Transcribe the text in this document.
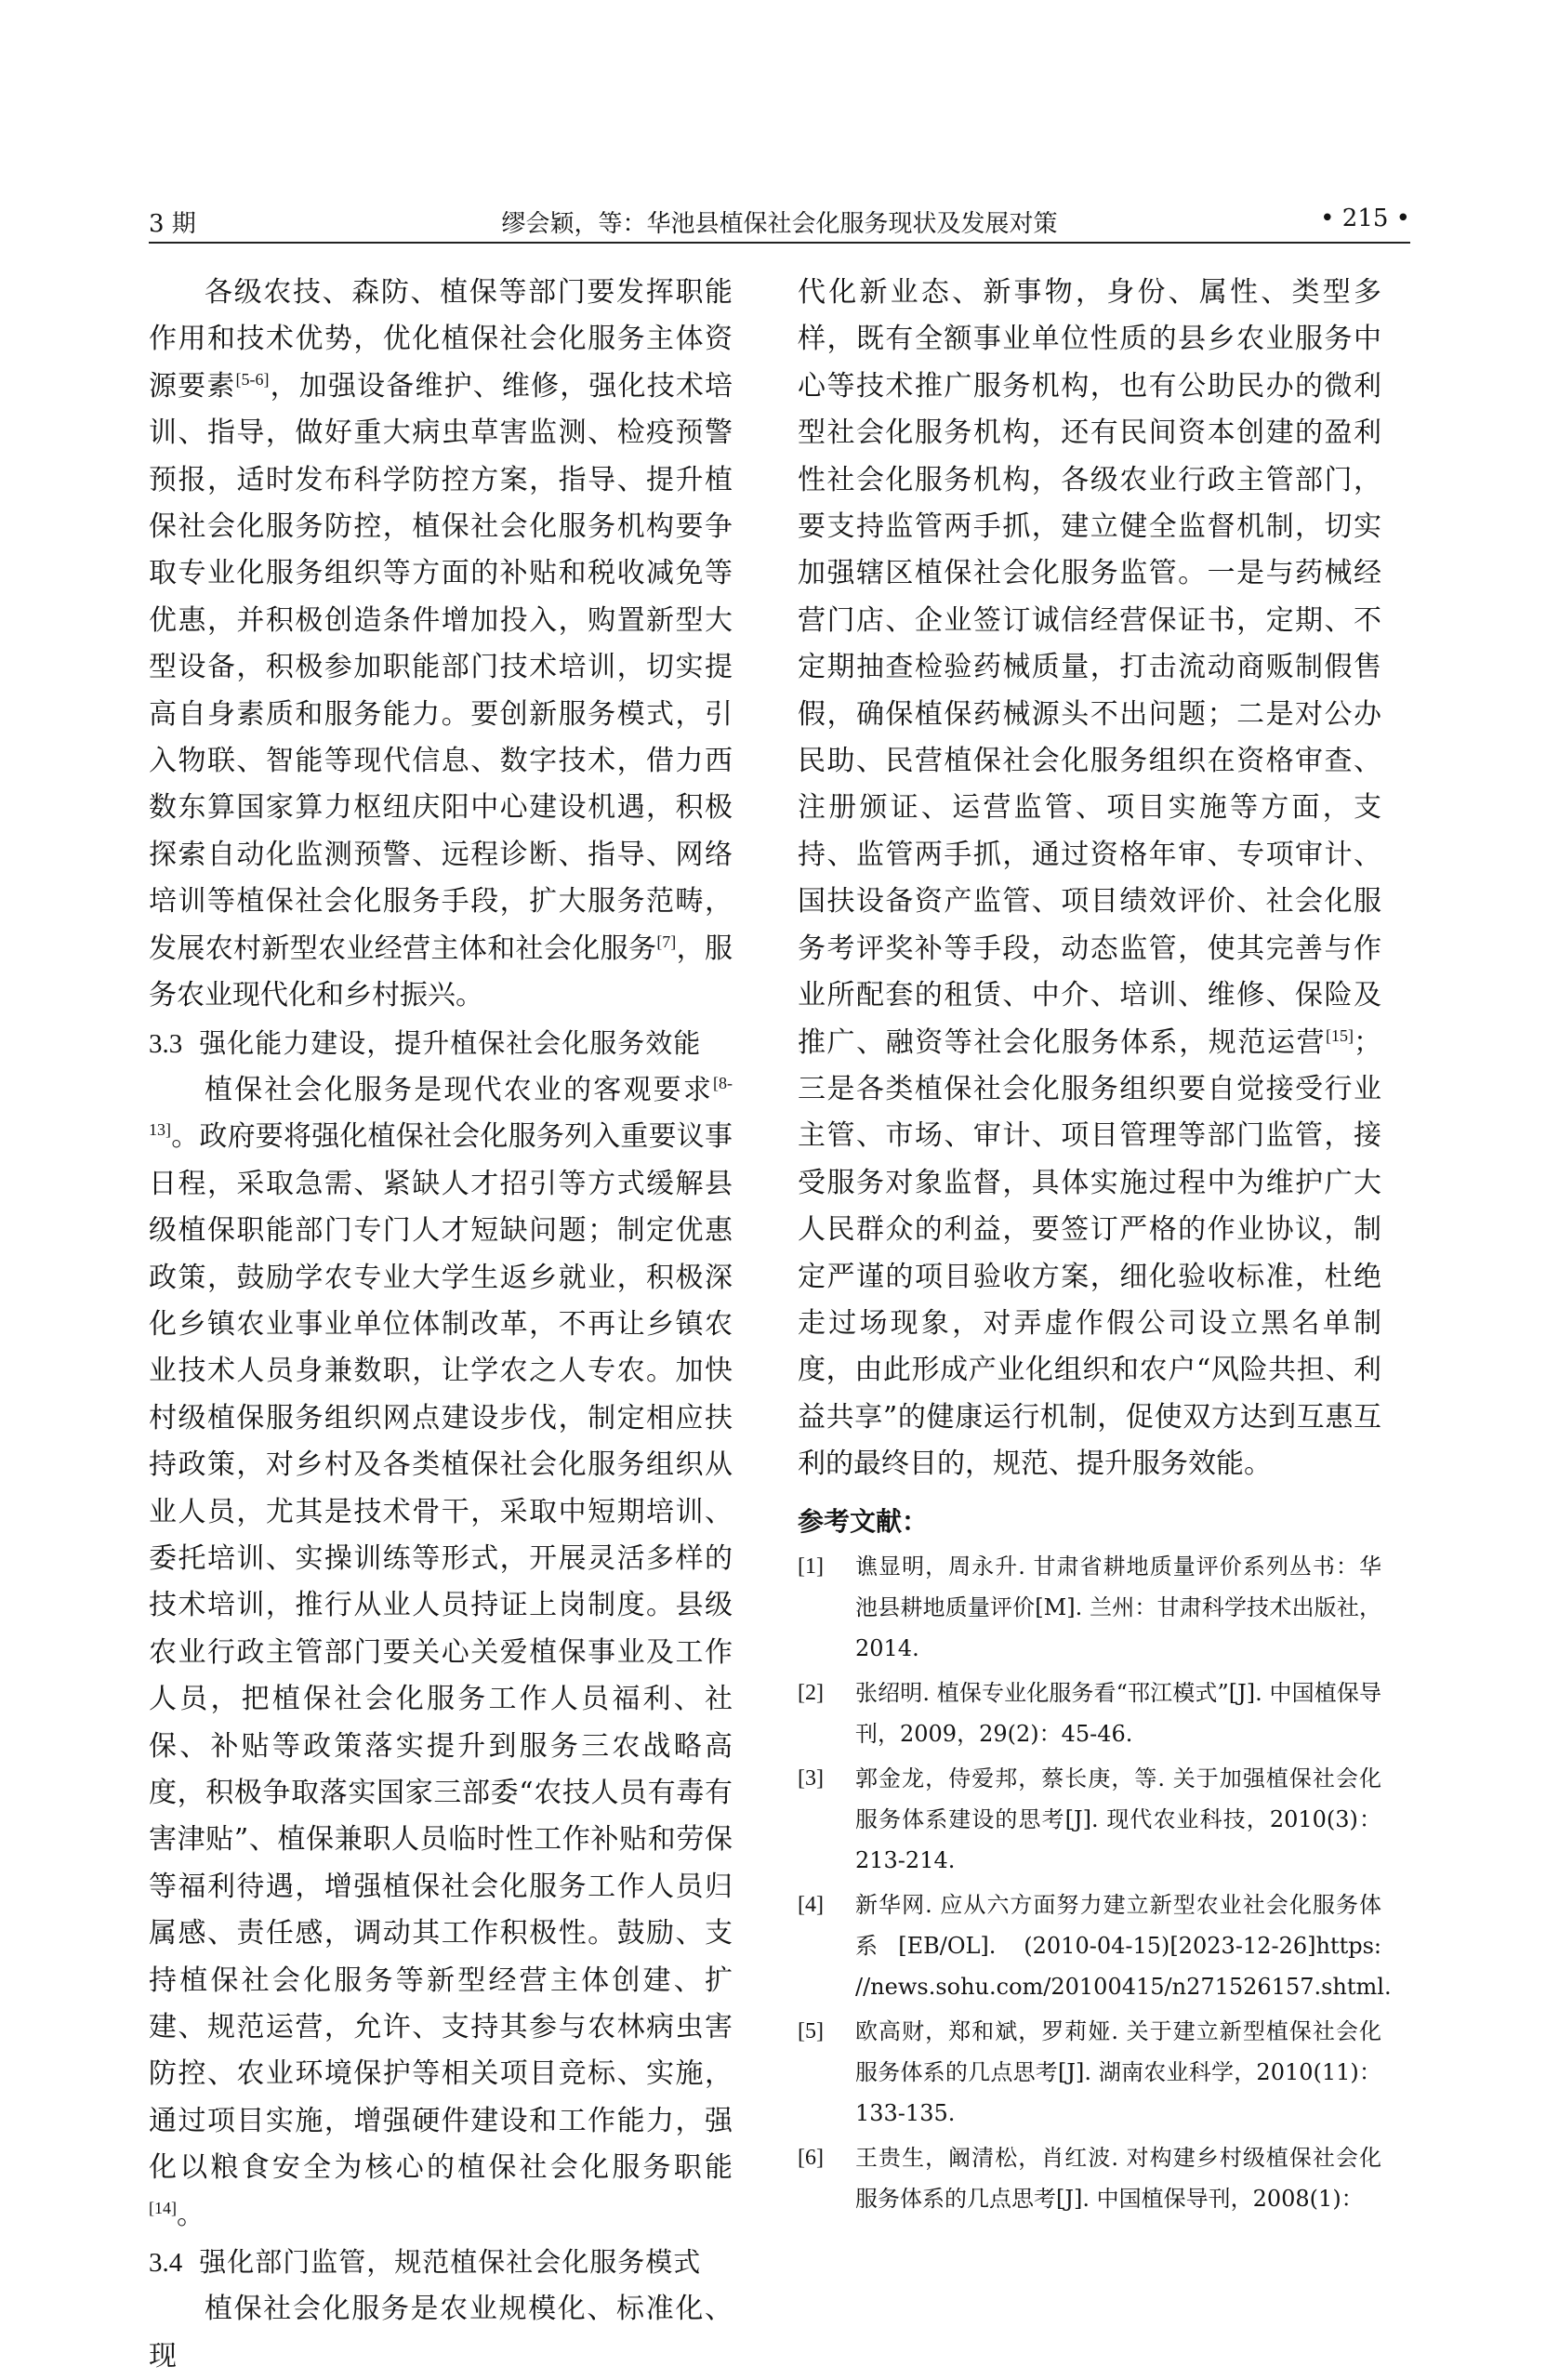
3 期	缪会颖，等：华池县植保社会化服务现状及发展对策	• 215 •

各级农技、森防、植保等部门要发挥职能作用和技术优势，优化植保社会化服务主体资源要素[5-6]，加强设备维护、维修，强化技术培训、指导，做好重大病虫草害监测、检疫预警预报，适时发布科学防控方案，指导、提升植保社会化服务防控，植保社会化服务机构要争取专业化服务组织等方面的补贴和税收减免等优惠，并积极创造条件增加投入，购置新型大型设备，积极参加职能部门技术培训，切实提高自身素质和服务能力。要创新服务模式，引入物联、智能等现代信息、数字技术，借力西数东算国家算力枢纽庆阳中心建设机遇，积极探索自动化监测预警、远程诊断、指导、网络培训等植保社会化服务手段，扩大服务范畴，发展农村新型农业经营主体和社会化服务[7]，服务农业现代化和乡村振兴。

3.3 强化能力建设，提升植保社会化服务效能

植保社会化服务是现代农业的客观要求[8-13]。政府要将强化植保社会化服务列入重要议事日程，采取急需、紧缺人才招引等方式缓解县级植保职能部门专门人才短缺问题；制定优惠政策，鼓励学农专业大学生返乡就业，积极深化乡镇农业事业单位体制改革，不再让乡镇农业技术人员身兼数职，让学农之人专农。加快村级植保服务组织网点建设步伐，制定相应扶持政策，对乡村及各类植保社会化服务组织从业人员，尤其是技术骨干，采取中短期培训、委托培训、实操训练等形式，开展灵活多样的技术培训，推行从业人员持证上岗制度。县级农业行政主管部门要关心关爱植保事业及工作人员，把植保社会化服务工作人员福利、社保、补贴等政策落实提升到服务三农战略高度，积极争取落实国家三部委“农技人员有毒有害津贴”、植保兼职人员临时性工作补贴和劳保等福利待遇，增强植保社会化服务工作人员归属感、责任感，调动其工作积极性。鼓励、支持植保社会化服务等新型经营主体创建、扩建、规范运营，允许、支持其参与农林病虫害防控、农业环境保护等相关项目竞标、实施，通过项目实施，增强硬件建设和工作能力，强化以粮食安全为核心的植保社会化服务职能[14]。

3.4 强化部门监管，规范植保社会化服务模式

植保社会化服务是农业规模化、标准化、现

代化新业态、新事物，身份、属性、类型多样，既有全额事业单位性质的县乡农业服务中心等技术推广服务机构，也有公助民办的微利型社会化服务机构，还有民间资本创建的盈利性社会化服务机构，各级农业行政主管部门，要支持监管两手抓，建立健全监督机制，切实加强辖区植保社会化服务监管。一是与药械经营门店、企业签订诚信经营保证书，定期、不定期抽查检验药械质量，打击流动商贩制假售假，确保植保药械源头不出问题；二是对公办民助、民营植保社会化服务组织在资格审查、注册颁证、运营监管、项目实施等方面，支持、监管两手抓，通过资格年审、专项审计、国扶设备资产监管、项目绩效评价、社会化服务考评奖补等手段，动态监管，使其完善与作业所配套的租赁、中介、培训、维修、保险及推广、融资等社会化服务体系，规范运营[15]；三是各类植保社会化服务组织要自觉接受行业主管、市场、审计、项目管理等部门监管，接受服务对象监督，具体实施过程中为维护广大人民群众的利益，要签订严格的作业协议，制定严谨的项目验收方案，细化验收标准，杜绝走过场现象，对弄虚作假公司设立黑名单制度，由此形成产业化组织和农户“风险共担、利益共享”的健康运行机制，促使双方达到互惠互利的最终目的，规范、提升服务效能。

参考文献：

[1] 谯显明，周永升. 甘肃省耕地质量评价系列丛书：华池县耕地质量评价[M]. 兰州：甘肃科学技术出版社，2014.

[2] 张绍明. 植保专业化服务看“邗江模式”[J]. 中国植保导刊，2009，29(2)：45-46.

[3] 郭金龙，侍爱邦，蔡长庚，等. 关于加强植保社会化服务体系建设的思考[J]. 现代农业科技，2010(3)：213-214.

[4] 新华网. 应从六方面努力建立新型农业社会化服务体系[EB/OL]. (2010-04-15)[2023-12-26]https: //news.sohu.com/20100415/n271526157.shtml.

[5] 欧高财，郑和斌，罗莉娅. 关于建立新型植保社会化服务体系的几点思考[J]. 湖南农业科学，2010(11)：133-135.

[6] 王贵生，阚清松，肖红波. 对构建乡村级植保社会化服务体系的几点思考[J]. 中国植保导刊，2008(1)：
